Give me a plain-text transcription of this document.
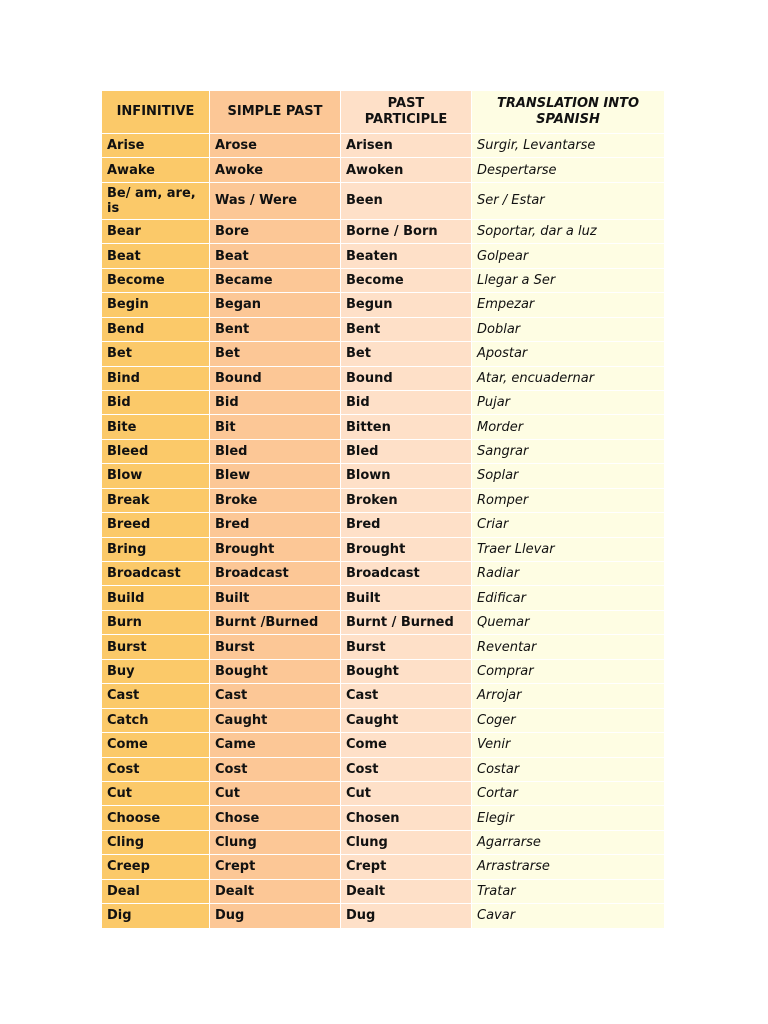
INFINITIVE	SIMPLE PAST	PAST PARTICIPLE	TRANSLATION INTO SPANISH
Arise	Arose	Arisen	Surgir, Levantarse
Awake	Awoke	Awoken	Despertarse
Be/ am, are, is	Was / Were	Been	Ser / Estar
Bear	Bore	Borne / Born	Soportar, dar a luz
Beat	Beat	Beaten	Golpear
Become	Became	Become	Llegar a Ser
Begin	Began	Begun	Empezar
Bend	Bent	Bent	Doblar
Bet	Bet	Bet	Apostar
Bind	Bound	Bound	Atar, encuadernar
Bid	Bid	Bid	Pujar
Bite	Bit	Bitten	Morder
Bleed	Bled	Bled	Sangrar
Blow	Blew	Blown	Soplar
Break	Broke	Broken	Romper
Breed	Bred	Bred	Criar
Bring	Brought	Brought	Traer Llevar
Broadcast	Broadcast	Broadcast	Radiar
Build	Built	Built	Edificar
Burn	Burnt /Burned	Burnt / Burned	Quemar
Burst	Burst	Burst	Reventar
Buy	Bought	Bought	Comprar
Cast	Cast	Cast	Arrojar
Catch	Caught	Caught	Coger
Come	Came	Come	Venir
Cost	Cost	Cost	Costar
Cut	Cut	Cut	Cortar
Choose	Chose	Chosen	Elegir
Cling	Clung	Clung	Agarrarse
Creep	Crept	Crept	Arrastrarse
Deal	Dealt	Dealt	Tratar
Dig	Dug	Dug	Cavar
